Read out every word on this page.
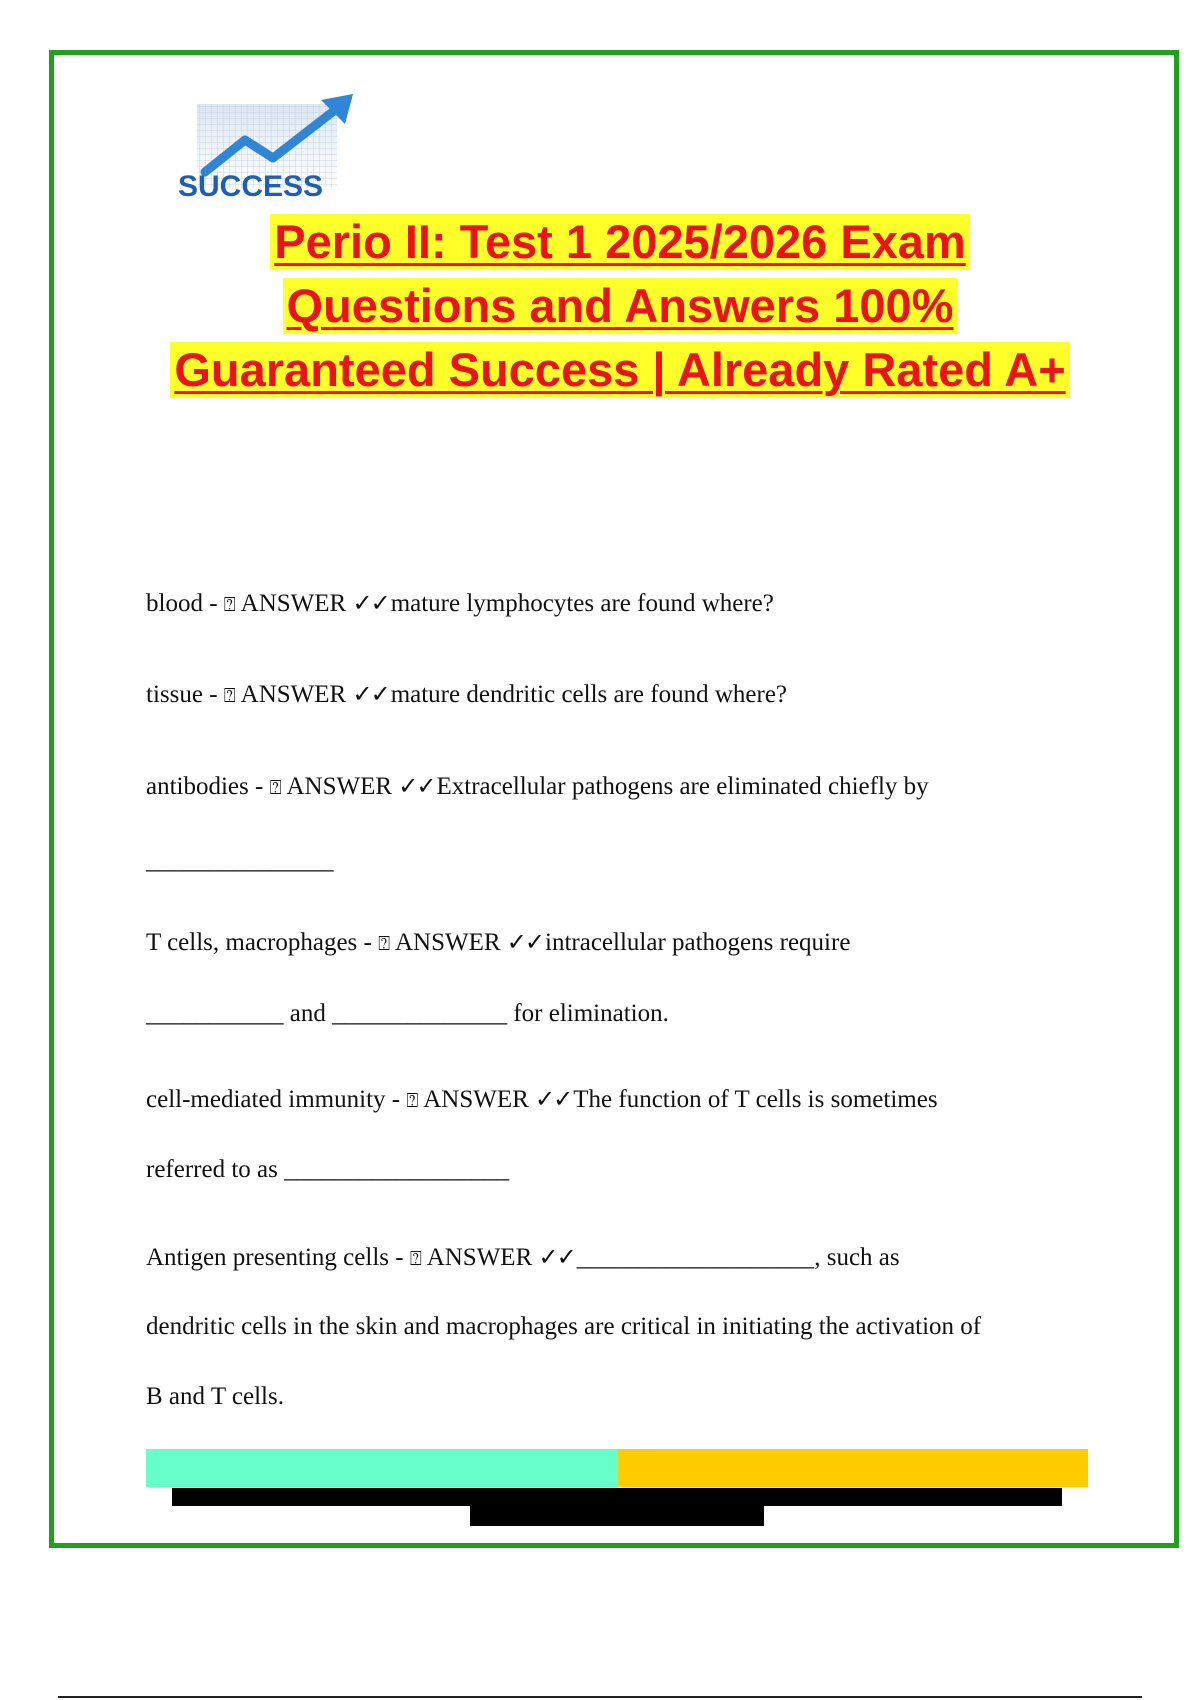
SUCCESS
Perio II: Test 1 2025/2026 Exam
Questions and Answers 100%
Guaranteed Success | Already Rated A+
blood - ⍰ ANSWER ✓✓mature lymphocytes are found where?
tissue - ⍰ ANSWER ✓✓mature dendritic cells are found where?
antibodies - ⍰ ANSWER ✓✓Extracellular pathogens are eliminated chiefly by
_______________
T cells, macrophages - ⍰ ANSWER ✓✓intracellular pathogens require
___________ and ______________ for elimination.
cell-mediated immunity - ⍰ ANSWER ✓✓The function of T cells is sometimes
referred to as __________________
Antigen presenting cells - ⍰ ANSWER ✓✓___________________, such as
dendritic cells in the skin and macrophages are critical in initiating the activation of
B and T cells.
